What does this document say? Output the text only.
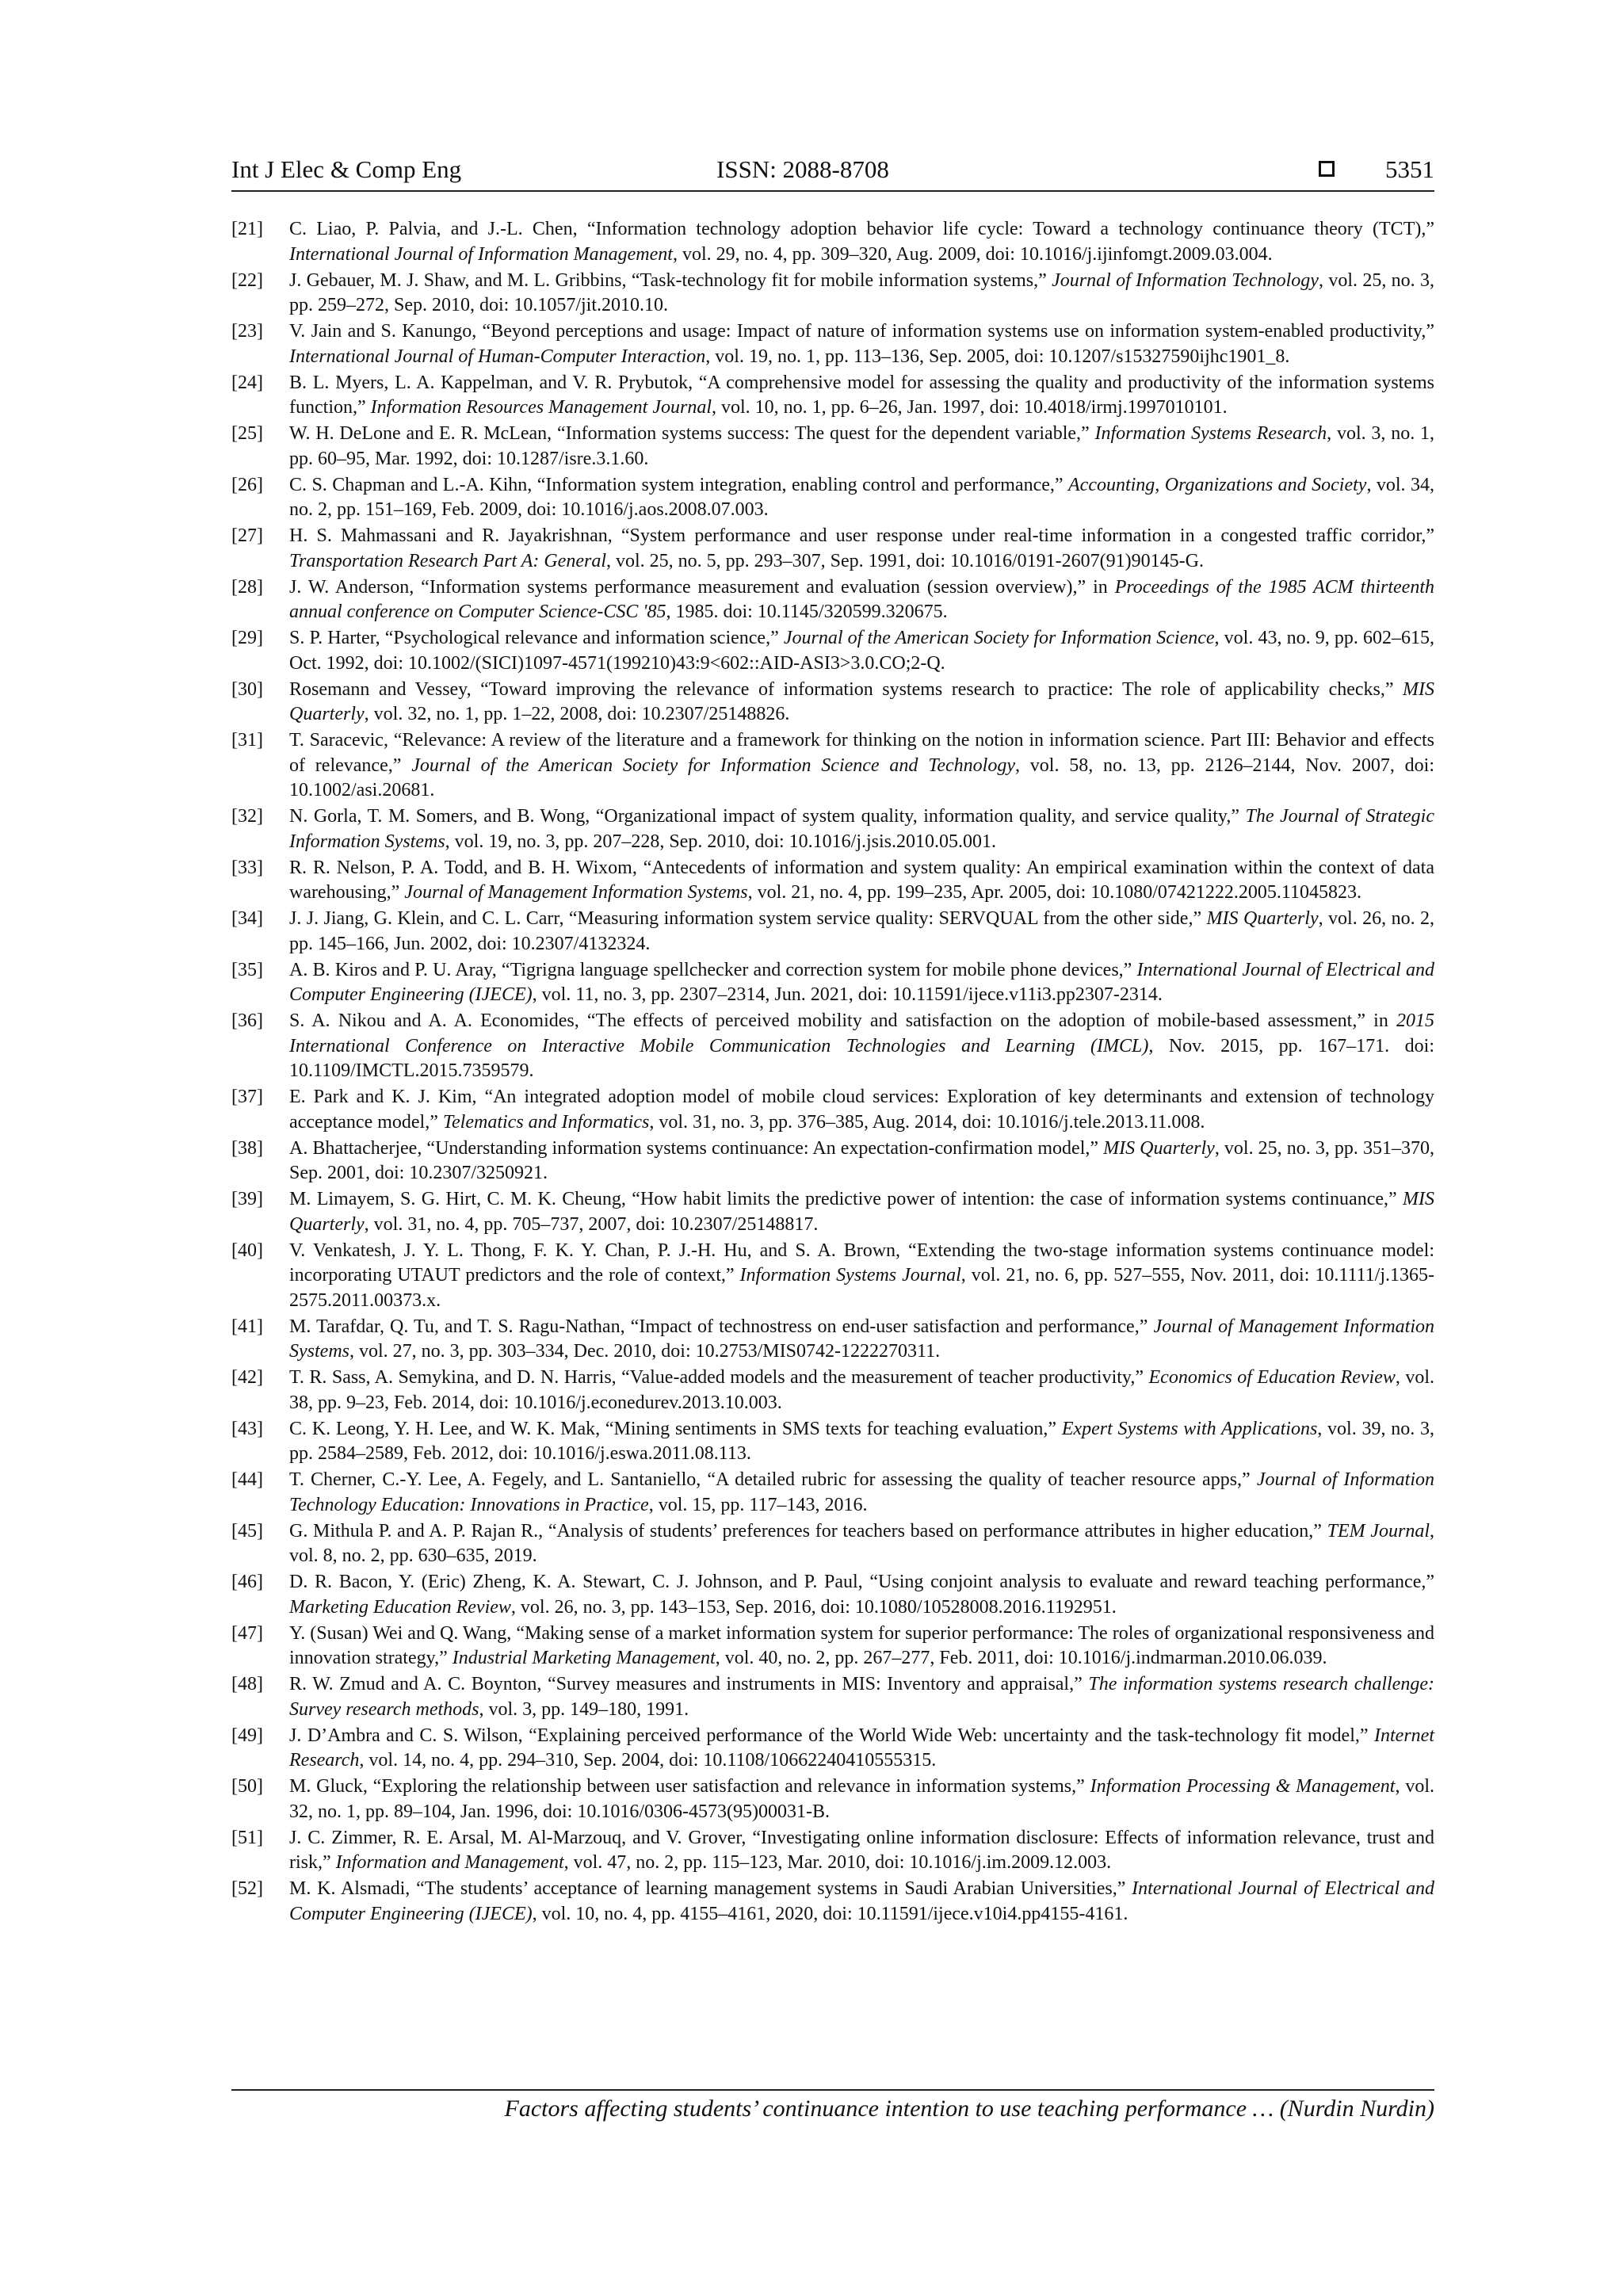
Int J Elec & Comp Eng	ISSN: 2088-8708	5351
[21]	C. Liao, P. Palvia, and J.-L. Chen, “Information technology adoption behavior life cycle: Toward a technology continuance theory (TCT),” International Journal of Information Management, vol. 29, no. 4, pp. 309–320, Aug. 2009, doi: 10.1016/j.ijinfomgt.2009.03.004.
[22]	J. Gebauer, M. J. Shaw, and M. L. Gribbins, “Task-technology fit for mobile information systems,” Journal of Information Technology, vol. 25, no. 3, pp. 259–272, Sep. 2010, doi: 10.1057/jit.2010.10.
[23]	V. Jain and S. Kanungo, “Beyond perceptions and usage: Impact of nature of information systems use on information system-enabled productivity,” International Journal of Human-Computer Interaction, vol. 19, no. 1, pp. 113–136, Sep. 2005, doi: 10.1207/s15327590ijhc1901_8.
[24]	B. L. Myers, L. A. Kappelman, and V. R. Prybutok, “A comprehensive model for assessing the quality and productivity of the information systems function,” Information Resources Management Journal, vol. 10, no. 1, pp. 6–26, Jan. 1997, doi: 10.4018/irmj.1997010101.
[25]	W. H. DeLone and E. R. McLean, “Information systems success: The quest for the dependent variable,” Information Systems Research, vol. 3, no. 1, pp. 60–95, Mar. 1992, doi: 10.1287/isre.3.1.60.
[26]	C. S. Chapman and L.-A. Kihn, “Information system integration, enabling control and performance,” Accounting, Organizations and Society, vol. 34, no. 2, pp. 151–169, Feb. 2009, doi: 10.1016/j.aos.2008.07.003.
[27]	H. S. Mahmassani and R. Jayakrishnan, “System performance and user response under real-time information in a congested traffic corridor,” Transportation Research Part A: General, vol. 25, no. 5, pp. 293–307, Sep. 1991, doi: 10.1016/0191-2607(91)90145-G.
[28]	J. W. Anderson, “Information systems performance measurement and evaluation (session overview),” in Proceedings of the 1985 ACM thirteenth annual conference on Computer Science-CSC '85, 1985. doi: 10.1145/320599.320675.
[29]	S. P. Harter, “Psychological relevance and information science,” Journal of the American Society for Information Science, vol. 43, no. 9, pp. 602–615, Oct. 1992, doi: 10.1002/(SICI)1097-4571(199210)43:9<602::AID-ASI3>3.0.CO;2-Q.
[30]	Rosemann and Vessey, “Toward improving the relevance of information systems research to practice: The role of applicability checks,” MIS Quarterly, vol. 32, no. 1, pp. 1–22, 2008, doi: 10.2307/25148826.
[31]	T. Saracevic, “Relevance: A review of the literature and a framework for thinking on the notion in information science. Part III: Behavior and effects of relevance,” Journal of the American Society for Information Science and Technology, vol. 58, no. 13, pp. 2126–2144, Nov. 2007, doi: 10.1002/asi.20681.
[32]	N. Gorla, T. M. Somers, and B. Wong, “Organizational impact of system quality, information quality, and service quality,” The Journal of Strategic Information Systems, vol. 19, no. 3, pp. 207–228, Sep. 2010, doi: 10.1016/j.jsis.2010.05.001.
[33]	R. R. Nelson, P. A. Todd, and B. H. Wixom, “Antecedents of information and system quality: An empirical examination within the context of data warehousing,” Journal of Management Information Systems, vol. 21, no. 4, pp. 199–235, Apr. 2005, doi: 10.1080/07421222.2005.11045823.
[34]	J. J. Jiang, G. Klein, and C. L. Carr, “Measuring information system service quality: SERVQUAL from the other side,” MIS Quarterly, vol. 26, no. 2, pp. 145–166, Jun. 2002, doi: 10.2307/4132324.
[35]	A. B. Kiros and P. U. Aray, “Tigrigna language spellchecker and correction system for mobile phone devices,” International Journal of Electrical and Computer Engineering (IJECE), vol. 11, no. 3, pp. 2307–2314, Jun. 2021, doi: 10.11591/ijece.v11i3.pp2307-2314.
[36]	S. A. Nikou and A. A. Economides, “The effects of perceived mobility and satisfaction on the adoption of mobile-based assessment,” in 2015 International Conference on Interactive Mobile Communication Technologies and Learning (IMCL), Nov. 2015, pp. 167–171. doi: 10.1109/IMCTL.2015.7359579.
[37]	E. Park and K. J. Kim, “An integrated adoption model of mobile cloud services: Exploration of key determinants and extension of technology acceptance model,” Telematics and Informatics, vol. 31, no. 3, pp. 376–385, Aug. 2014, doi: 10.1016/j.tele.2013.11.008.
[38]	A. Bhattacherjee, “Understanding information systems continuance: An expectation-confirmation model,” MIS Quarterly, vol. 25, no. 3, pp. 351–370, Sep. 2001, doi: 10.2307/3250921.
[39]	M. Limayem, S. G. Hirt, C. M. K. Cheung, “How habit limits the predictive power of intention: the case of information systems continuance,” MIS Quarterly, vol. 31, no. 4, pp. 705–737, 2007, doi: 10.2307/25148817.
[40]	V. Venkatesh, J. Y. L. Thong, F. K. Y. Chan, P. J.-H. Hu, and S. A. Brown, “Extending the two-stage information systems continuance model: incorporating UTAUT predictors and the role of context,” Information Systems Journal, vol. 21, no. 6, pp. 527–555, Nov. 2011, doi: 10.1111/j.1365-2575.2011.00373.x.
[41]	M. Tarafdar, Q. Tu, and T. S. Ragu-Nathan, “Impact of technostress on end-user satisfaction and performance,” Journal of Management Information Systems, vol. 27, no. 3, pp. 303–334, Dec. 2010, doi: 10.2753/MIS0742-1222270311.
[42]	T. R. Sass, A. Semykina, and D. N. Harris, “Value-added models and the measurement of teacher productivity,” Economics of Education Review, vol. 38, pp. 9–23, Feb. 2014, doi: 10.1016/j.econedurev.2013.10.003.
[43]	C. K. Leong, Y. H. Lee, and W. K. Mak, “Mining sentiments in SMS texts for teaching evaluation,” Expert Systems with Applications, vol. 39, no. 3, pp. 2584–2589, Feb. 2012, doi: 10.1016/j.eswa.2011.08.113.
[44]	T. Cherner, C.-Y. Lee, A. Fegely, and L. Santaniello, “A detailed rubric for assessing the quality of teacher resource apps,” Journal of Information Technology Education: Innovations in Practice, vol. 15, pp. 117–143, 2016.
[45]	G. Mithula P. and A. P. Rajan R., “Analysis of students’ preferences for teachers based on performance attributes in higher education,” TEM Journal, vol. 8, no. 2, pp. 630–635, 2019.
[46]	D. R. Bacon, Y. (Eric) Zheng, K. A. Stewart, C. J. Johnson, and P. Paul, “Using conjoint analysis to evaluate and reward teaching performance,” Marketing Education Review, vol. 26, no. 3, pp. 143–153, Sep. 2016, doi: 10.1080/10528008.2016.1192951.
[47]	Y. (Susan) Wei and Q. Wang, “Making sense of a market information system for superior performance: The roles of organizational responsiveness and innovation strategy,” Industrial Marketing Management, vol. 40, no. 2, pp. 267–277, Feb. 2011, doi: 10.1016/j.indmarman.2010.06.039.
[48]	R. W. Zmud and A. C. Boynton, “Survey measures and instruments in MIS: Inventory and appraisal,” The information systems research challenge: Survey research methods, vol. 3, pp. 149–180, 1991.
[49]	J. D’Ambra and C. S. Wilson, “Explaining perceived performance of the World Wide Web: uncertainty and the task-technology fit model,” Internet Research, vol. 14, no. 4, pp. 294–310, Sep. 2004, doi: 10.1108/10662240410555315.
[50]	M. Gluck, “Exploring the relationship between user satisfaction and relevance in information systems,” Information Processing & Management, vol. 32, no. 1, pp. 89–104, Jan. 1996, doi: 10.1016/0306-4573(95)00031-B.
[51]	J. C. Zimmer, R. E. Arsal, M. Al-Marzouq, and V. Grover, “Investigating online information disclosure: Effects of information relevance, trust and risk,” Information and Management, vol. 47, no. 2, pp. 115–123, Mar. 2010, doi: 10.1016/j.im.2009.12.003.
[52]	M. K. Alsmadi, “The students’ acceptance of learning management systems in Saudi Arabian Universities,” International Journal of Electrical and Computer Engineering (IJECE), vol. 10, no. 4, pp. 4155–4161, 2020, doi: 10.11591/ijece.v10i4.pp4155-4161.
Factors affecting students’ continuance intention to use teaching performance … (Nurdin Nurdin)
